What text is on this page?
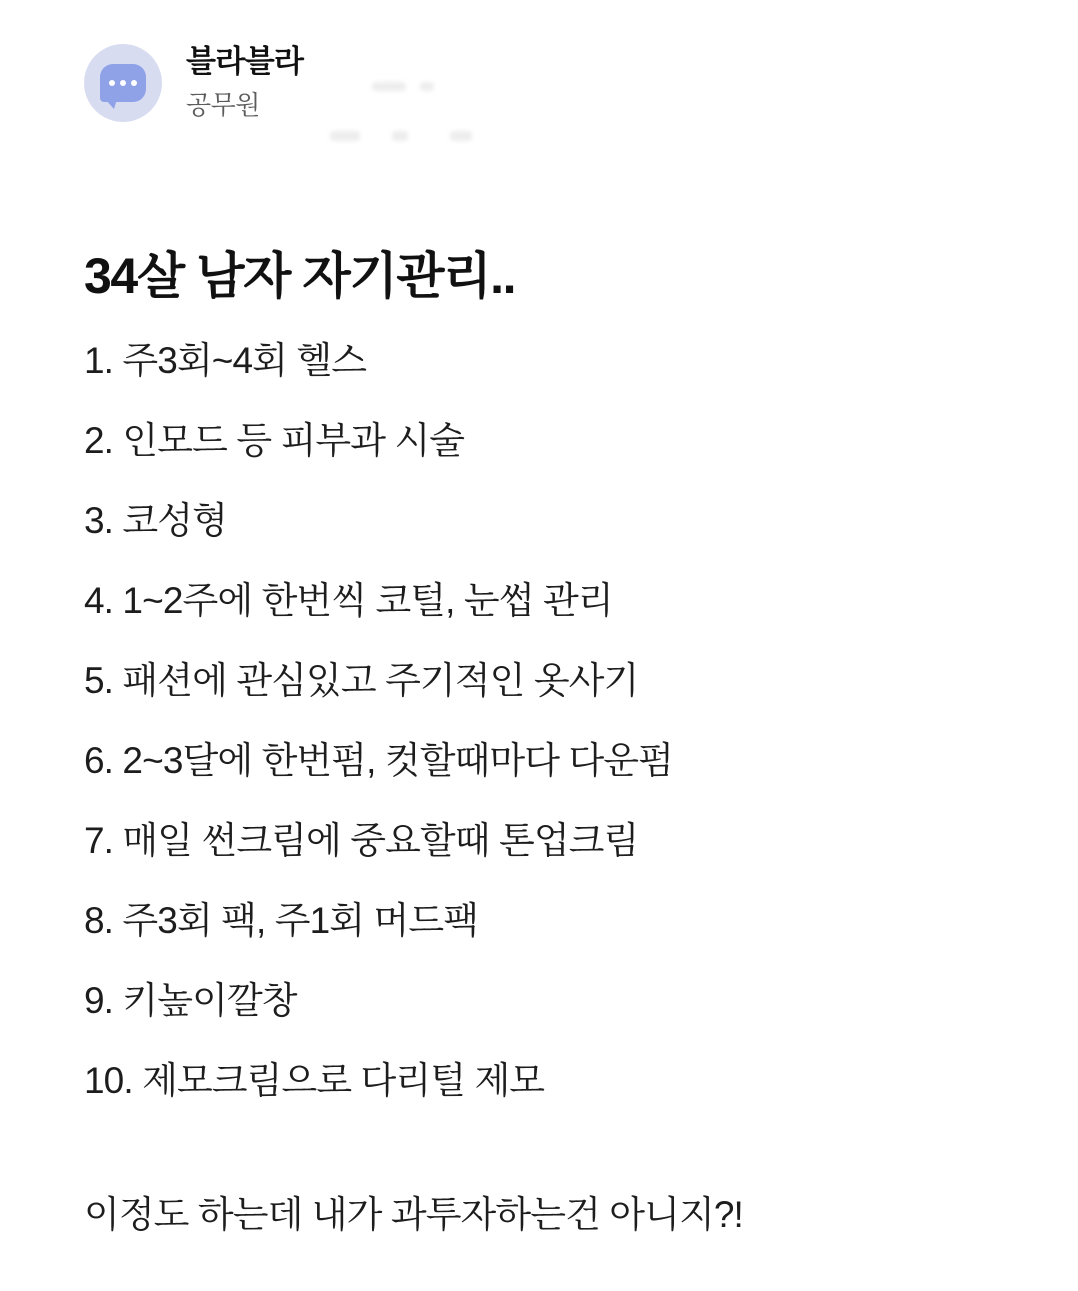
블라블라
공무원
34살 남자 자기관리..
1. 주3회~4회 헬스
2. 인모드 등 피부과 시술
3. 코성형
4. 1~2주에 한번씩 코털, 눈썹 관리
5. 패션에 관심있고 주기적인 옷사기
6. 2~3달에 한번펌, 컷할때마다 다운펌
7. 매일 썬크림에 중요할때 톤업크림
8. 주3회 팩, 주1회 머드팩
9. 키높이깔창
10. 제모크림으로 다리털 제모

이정도 하는데 내가 과투자하는건 아니지?!
